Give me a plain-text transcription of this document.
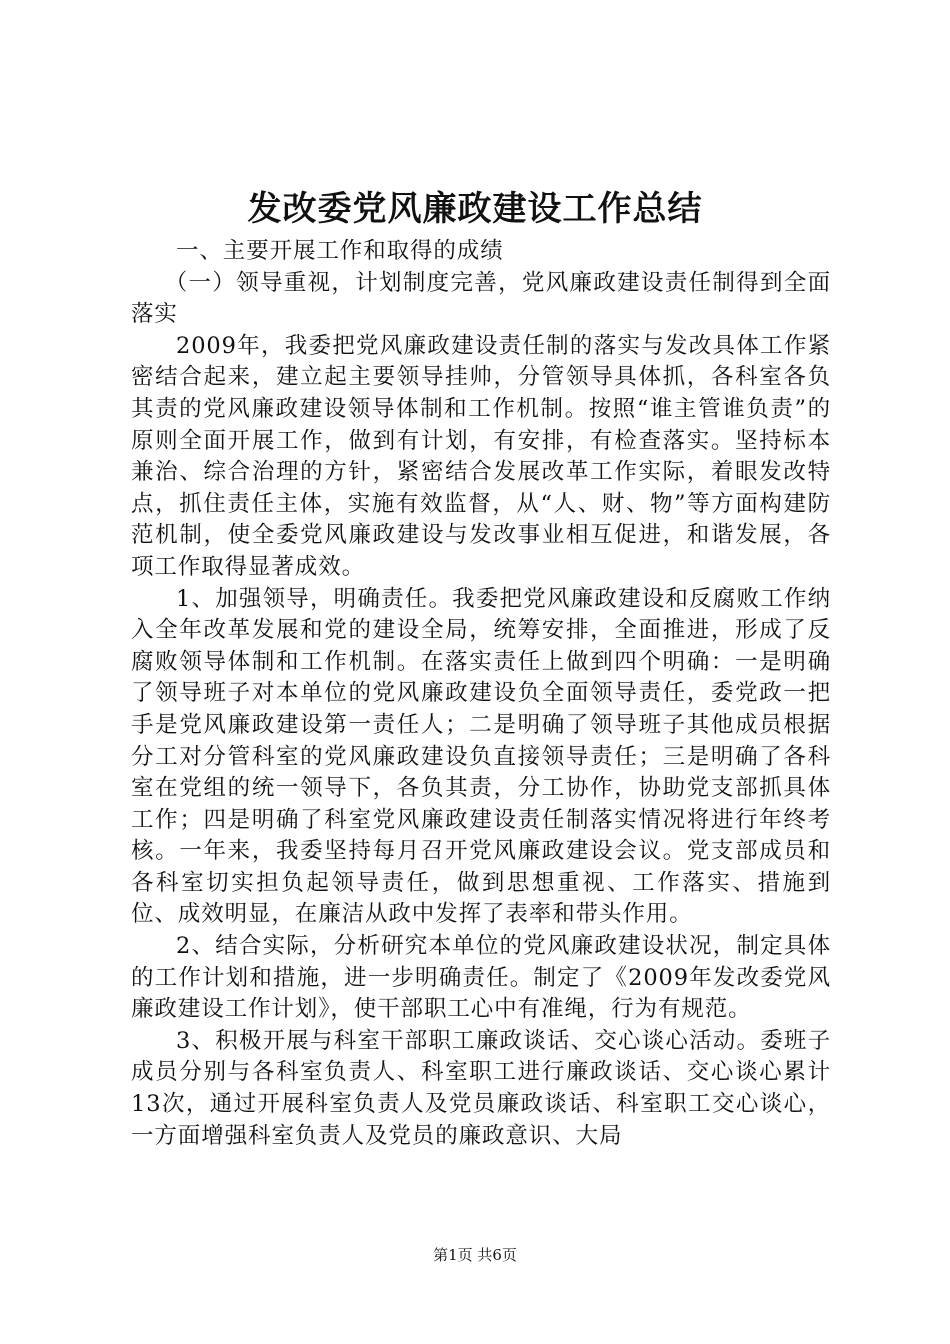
发改委党风廉政建设工作总结

一、主要开展工作和取得的成绩

（一）领导重视，计划制度完善，党风廉政建设责任制得到全面落实

2009年，我委把党风廉政建设责任制的落实与发改具体工作紧密结合起来，建立起主要领导挂帅，分管领导具体抓，各科室各负其责的党风廉政建设领导体制和工作机制。按照“谁主管谁负责”的原则全面开展工作，做到有计划，有安排，有检查落实。坚持标本兼治、综合治理的方针，紧密结合发展改革工作实际，着眼发改特点，抓住责任主体，实施有效监督，从“人、财、物”等方面构建防范机制，使全委党风廉政建设与发改事业相互促进，和谐发展，各项工作取得显著成效。

1、加强领导，明确责任。我委把党风廉政建设和反腐败工作纳入全年改革发展和党的建设全局，统筹安排，全面推进，形成了反腐败领导体制和工作机制。在落实责任上做到四个明确：一是明确了领导班子对本单位的党风廉政建设负全面领导责任，委党政一把手是党风廉政建设第一责任人；二是明确了领导班子其他成员根据分工对分管科室的党风廉政建设负直接领导责任；三是明确了各科室在党组的统一领导下，各负其责，分工协作，协助党支部抓具体工作；四是明确了科室党风廉政建设责任制落实情况将进行年终考核。一年来，我委坚持每月召开党风廉政建设会议。党支部成员和各科室切实担负起领导责任，做到思想重视、工作落实、措施到位、成效明显，在廉洁从政中发挥了表率和带头作用。

2、结合实际，分析研究本单位的党风廉政建设状况，制定具体的工作计划和措施，进一步明确责任。制定了《2009年发改委党风廉政建设工作计划》，使干部职工心中有准绳，行为有规范。

3、积极开展与科室干部职工廉政谈话、交心谈心活动。委班子成员分别与各科室负责人、科室职工进行廉政谈话、交心谈心累计13次，通过开展科室负责人及党员廉政谈话、科室职工交心谈心，一方面增强科室负责人及党员的廉政意识、大局

第1页 共6页
